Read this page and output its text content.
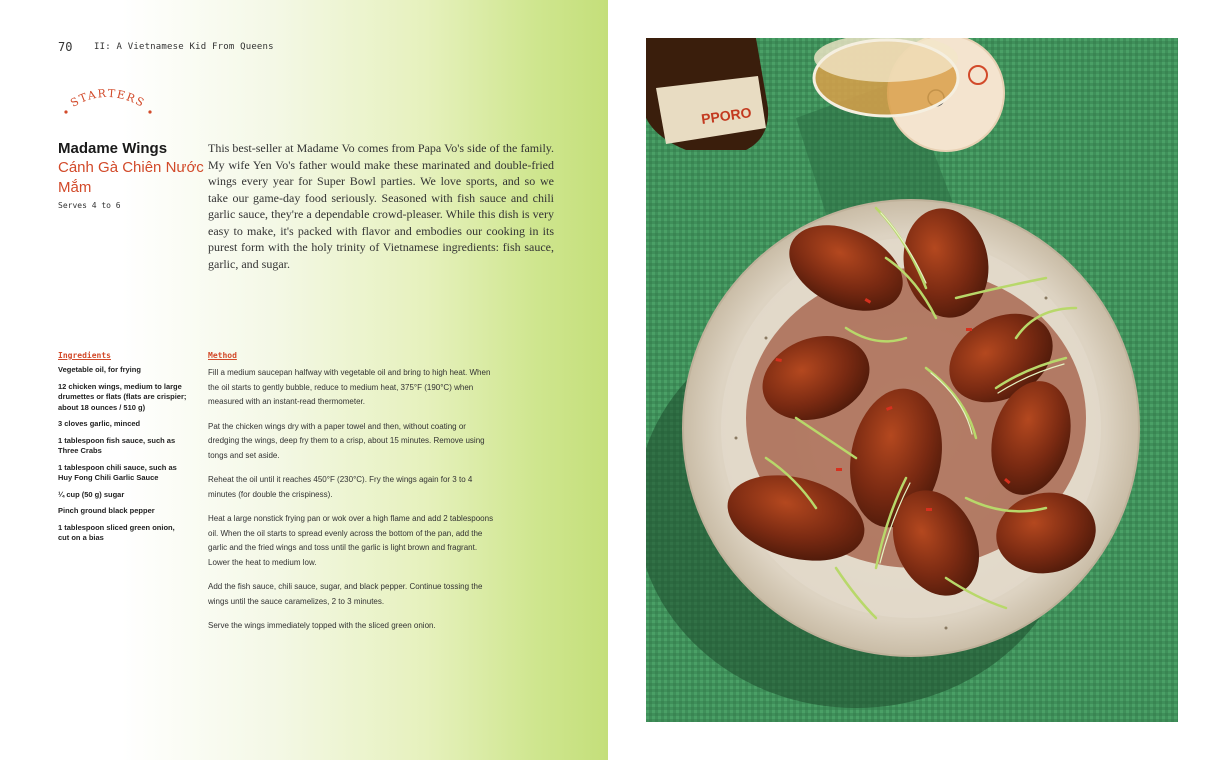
70 II: A Vietnamese Kid From Queens
STARTERS
Madame Wings
Cánh Gà Chiên Nước Mắm
Serves 4 to 6

This best-seller at Madame Vo comes from Papa Vo's side of the family. My wife Yen Vo's father would make these marinated and double-fried wings every year for Super Bowl parties. We love sports, and so we take our game-day food seriously. Seasoned with fish sauce and chili garlic sauce, they're a dependable crowd-pleaser. While this dish is very easy to make, it's packed with flavor and embodies our cooking in its purest form with the holy trinity of Vietnamese ingredients: fish sauce, garlic, and sugar.

Ingredients
Vegetable oil, for frying
12 chicken wings, medium to large drumettes or flats (flats are crispier; about 18 ounces / 510 g)
3 cloves garlic, minced
1 tablespoon fish sauce, such as Three Crabs
1 tablespoon chili sauce, such as Huy Fong Chili Garlic Sauce
¼ cup (50 g) sugar
Pinch ground black pepper
1 tablespoon sliced green onion, cut on a bias
Method

Fill a medium saucepan halfway with vegetable oil and bring to high heat. When the oil starts to gently bubble, reduce to medium heat, 375°F (190°C) when measured with an instant-read thermometer.

Pat the chicken wings dry with a paper towel and then, without coating or dredging the wings, deep fry them to a crisp, about 15 minutes. Remove using tongs and set aside.

Reheat the oil until it reaches 450°F (230°C). Fry the wings again for 3 to 4 minutes (for double the crispiness).

Heat a large nonstick frying pan or wok over a high flame and add 2 tablespoons oil. When the oil starts to spread evenly across the bottom of the pan, add the garlic and the fried wings and toss until the garlic is light brown and fragrant. Lower the heat to medium low.

Add the fish sauce, chili sauce, sugar, and black pepper. Continue tossing the wings until the sauce caramelizes, 2 to 3 minutes.

Serve the wings immediately topped with the sliced green onion.

PPORO
